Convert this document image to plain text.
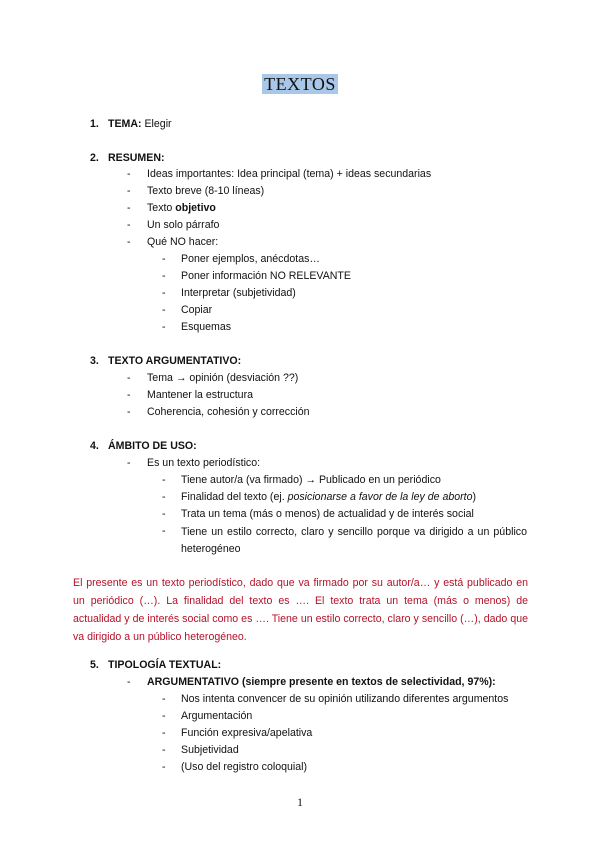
TEXTOS
1. TEMA: Elegir
2. RESUMEN:
- Ideas importantes: Idea principal (tema) + ideas secundarias
- Texto breve (8-10 líneas)
- Texto objetivo
- Un solo párrafo
- Qué NO hacer:
- Poner ejemplos, anécdotas…
- Poner información NO RELEVANTE
- Interpretar (subjetividad)
- Copiar
- Esquemas
3. TEXTO ARGUMENTATIVO:
- Tema → opinión (desviación ??)
- Mantener la estructura
- Coherencia, cohesión y corrección
4. ÁMBITO DE USO:
- Es un texto periodístico:
- Tiene autor/a (va firmado) → Publicado en un periódico
- Finalidad del texto (ej. posicionarse a favor de la ley de aborto)
- Trata un tema (más o menos) de actualidad y de interés social
- Tiene un estilo correcto, claro y sencillo porque va dirigido a un público heterogéneo
El presente es un texto periodístico, dado que va firmado por su autor/a… y está publicado en un periódico (…). La finalidad del texto es …. El texto trata un tema (más o menos) de actualidad y de interés social como es …. Tiene un estilo correcto, claro y sencillo (…), dado que va dirigido a un público heterogéneo.
5. TIPOLOGÍA TEXTUAL:
- ARGUMENTATIVO (siempre presente en textos de selectividad, 97%):
- Nos intenta convencer de su opinión utilizando diferentes argumentos
- Argumentación
- Función expresiva/apelativa
- Subjetividad
- (Uso del registro coloquial)
1
